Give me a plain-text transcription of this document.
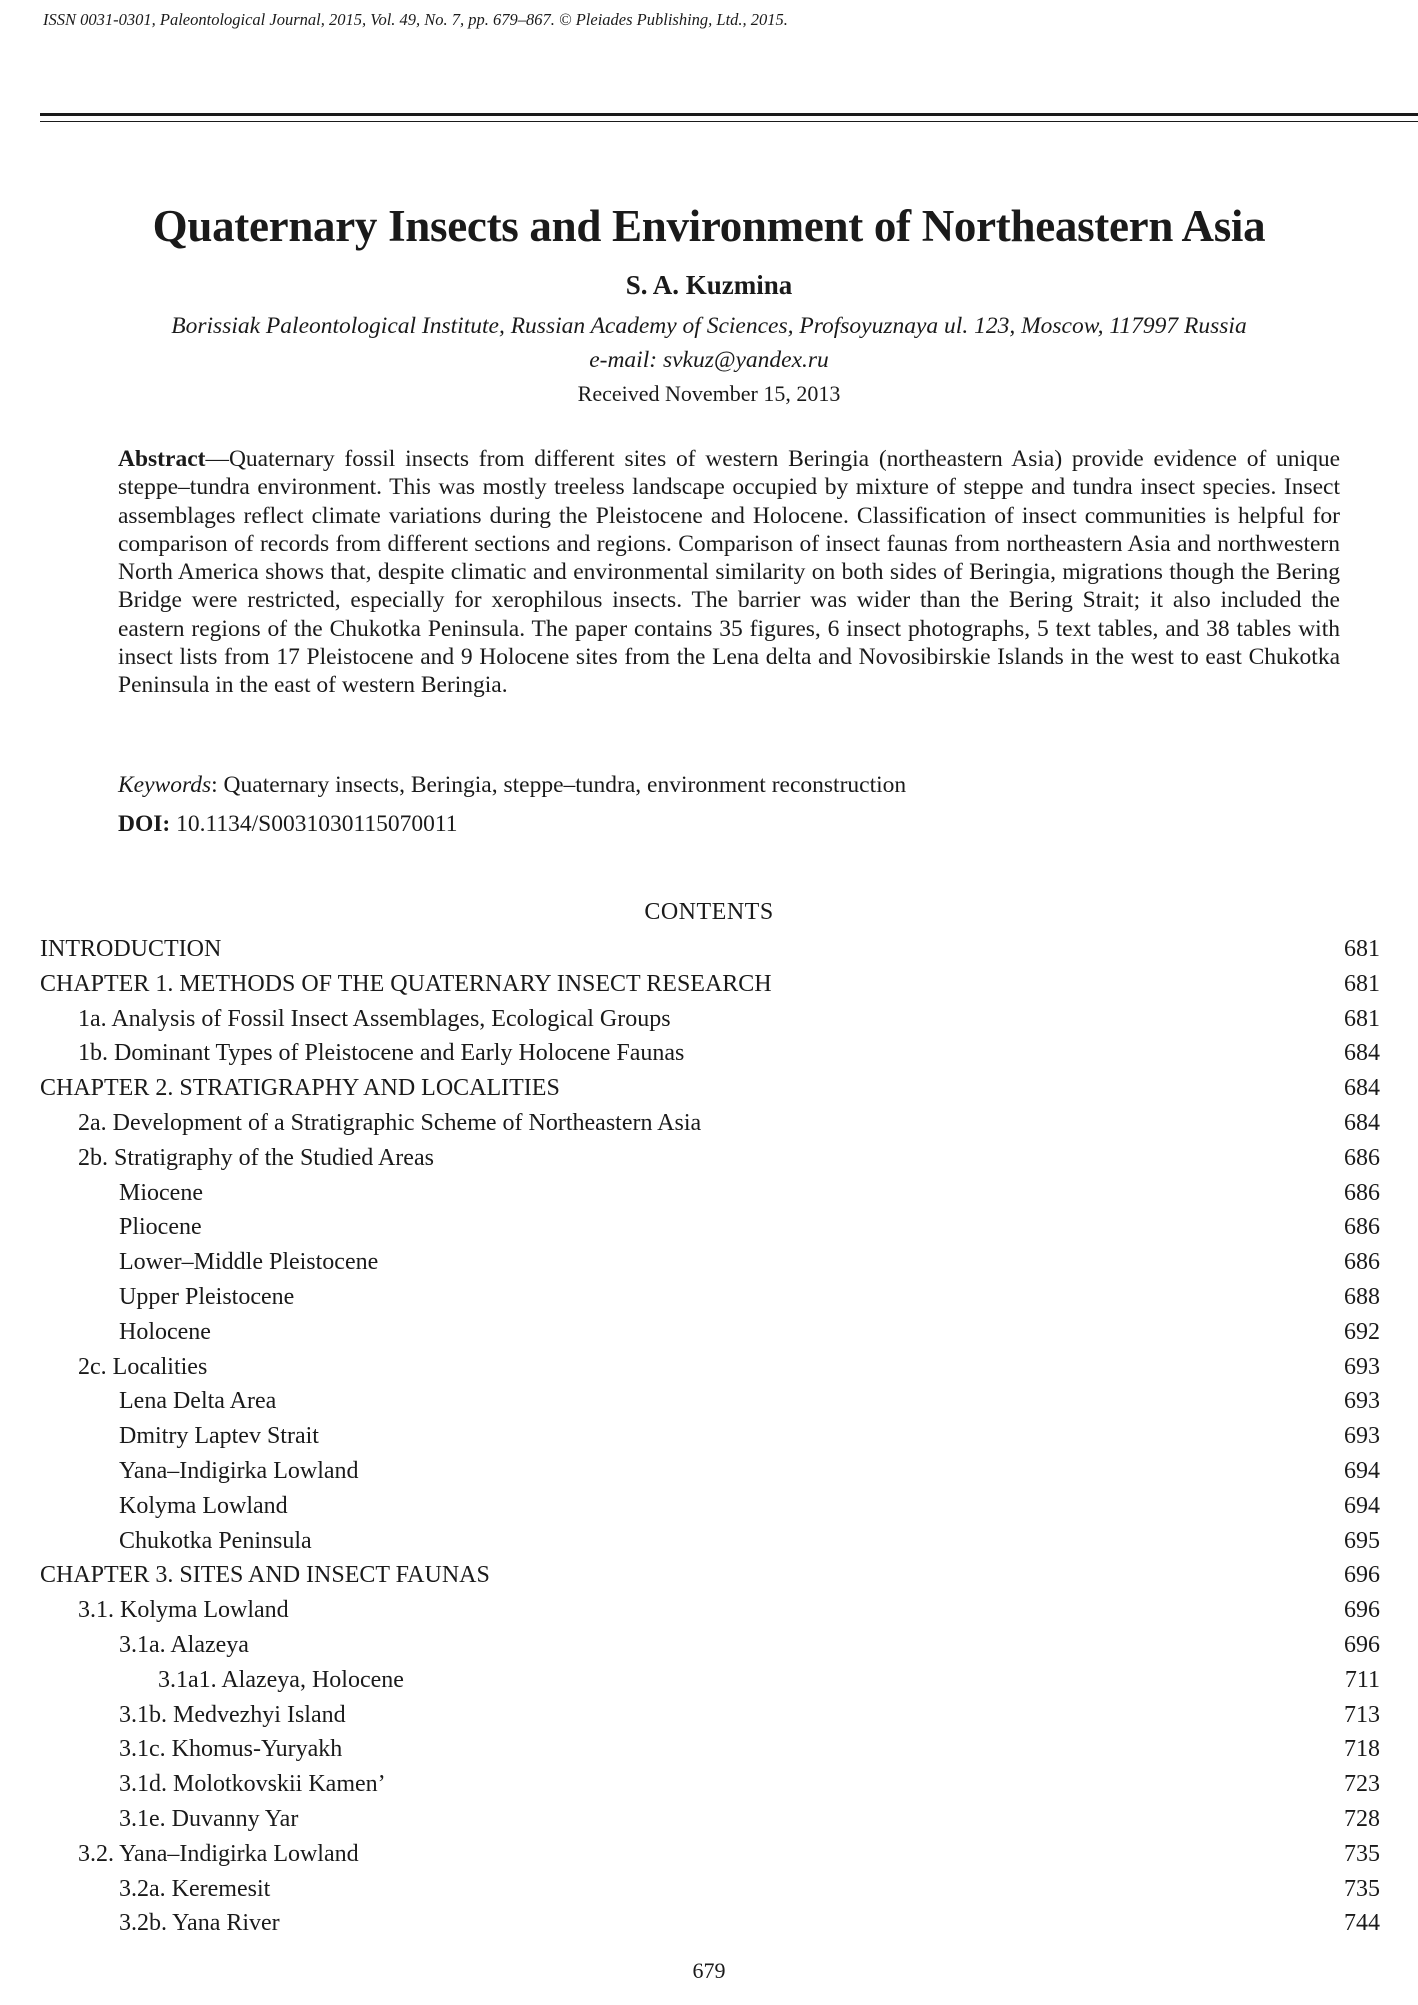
ISSN 0031-0301, Paleontological Journal, 2015, Vol. 49, No. 7, pp. 679–867. © Pleiades Publishing, Ltd., 2015.
Quaternary Insects and Environment of Northeastern Asia
S. A. Kuzmina
Borissiak Paleontological Institute, Russian Academy of Sciences, Profsoyuznaya ul. 123, Moscow, 117997 Russia
e-mail: svkuz@yandex.ru
Received November 15, 2013
Abstract—Quaternary fossil insects from different sites of western Beringia (northeastern Asia) provide evidence of unique steppe–tundra environment. This was mostly treeless landscape occupied by mixture of steppe and tundra insect species. Insect assemblages reflect climate variations during the Pleistocene and Holocene. Classification of insect communities is helpful for comparison of records from different sections and regions. Comparison of insect faunas from northeastern Asia and northwestern North America shows that, despite climatic and environmental similarity on both sides of Beringia, migrations though the Bering Bridge were restricted, especially for xerophilous insects. The barrier was wider than the Bering Strait; it also included the eastern regions of the Chukotka Peninsula. The paper contains 35 figures, 6 insect photographs, 5 text tables, and 38 tables with insect lists from 17 Pleistocene and 9 Holocene sites from the Lena delta and Novosibirskie Islands in the west to east Chukotka Peninsula in the east of western Beringia.
Keywords: Quaternary insects, Beringia, steppe–tundra, environment reconstruction
DOI: 10.1134/S0031030115070011
CONTENTS
INTRODUCTION	681
CHAPTER 1. METHODS OF THE QUATERNARY INSECT RESEARCH	681
1a. Analysis of Fossil Insect Assemblages, Ecological Groups	681
1b. Dominant Types of Pleistocene and Early Holocene Faunas	684
CHAPTER 2. STRATIGRAPHY AND LOCALITIES	684
2a. Development of a Stratigraphic Scheme of Northeastern Asia	684
2b. Stratigraphy of the Studied Areas	686
Miocene	686
Pliocene	686
Lower–Middle Pleistocene	686
Upper Pleistocene	688
Holocene	692
2c. Localities	693
Lena Delta Area	693
Dmitry Laptev Strait	693
Yana–Indigirka Lowland	694
Kolyma Lowland	694
Chukotka Peninsula	695
CHAPTER 3. SITES AND INSECT FAUNAS	696
3.1. Kolyma Lowland	696
3.1a. Alazeya	696
3.1a1. Alazeya, Holocene	711
3.1b. Medvezhyi Island	713
3.1c. Khomus-Yuryakh	718
3.1d. Molotkovskii Kamen’	723
3.1e. Duvanny Yar	728
3.2. Yana–Indigirka Lowland	735
3.2a. Keremesit	735
3.2b. Yana River	744
679
